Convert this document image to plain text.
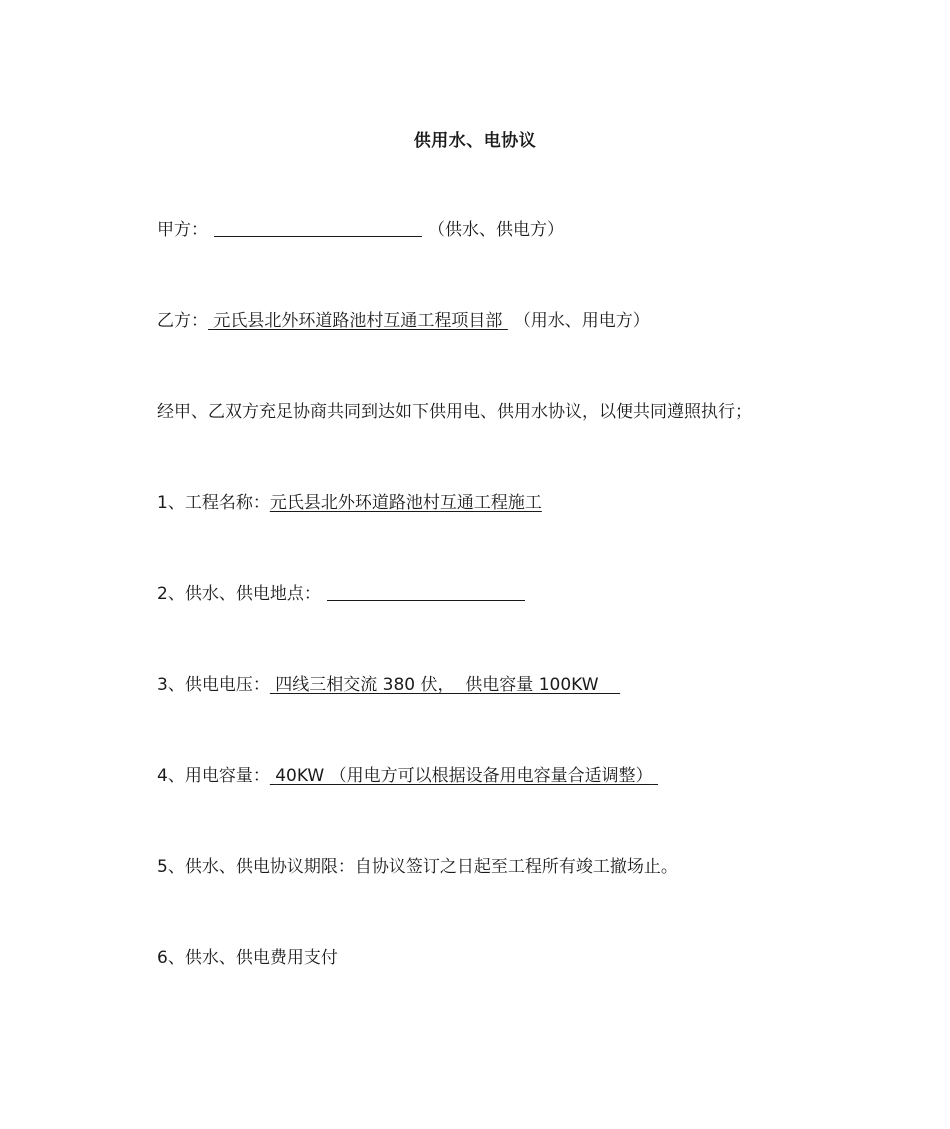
供用水、电协议
甲方：	（供水、供电方）
乙方： 元氏县北外环道路池村互通工程项目部 （用水、用电方）
经甲、乙双方充足协商共同到达如下供用电、供用水协议，以便共同遵照执行；
1、工程名称：元氏县北外环道路池村互通工程施工
2、供水、供电地点：
3、供电电压： 四线三相交流 380 伏，  供电容量 100KW
4、用电容量： 40KW （用电方可以根据设备用电容量合适调整）
5、供水、供电协议期限：自协议签订之日起至工程所有竣工撤场止。
6、供水、供电费用支付
